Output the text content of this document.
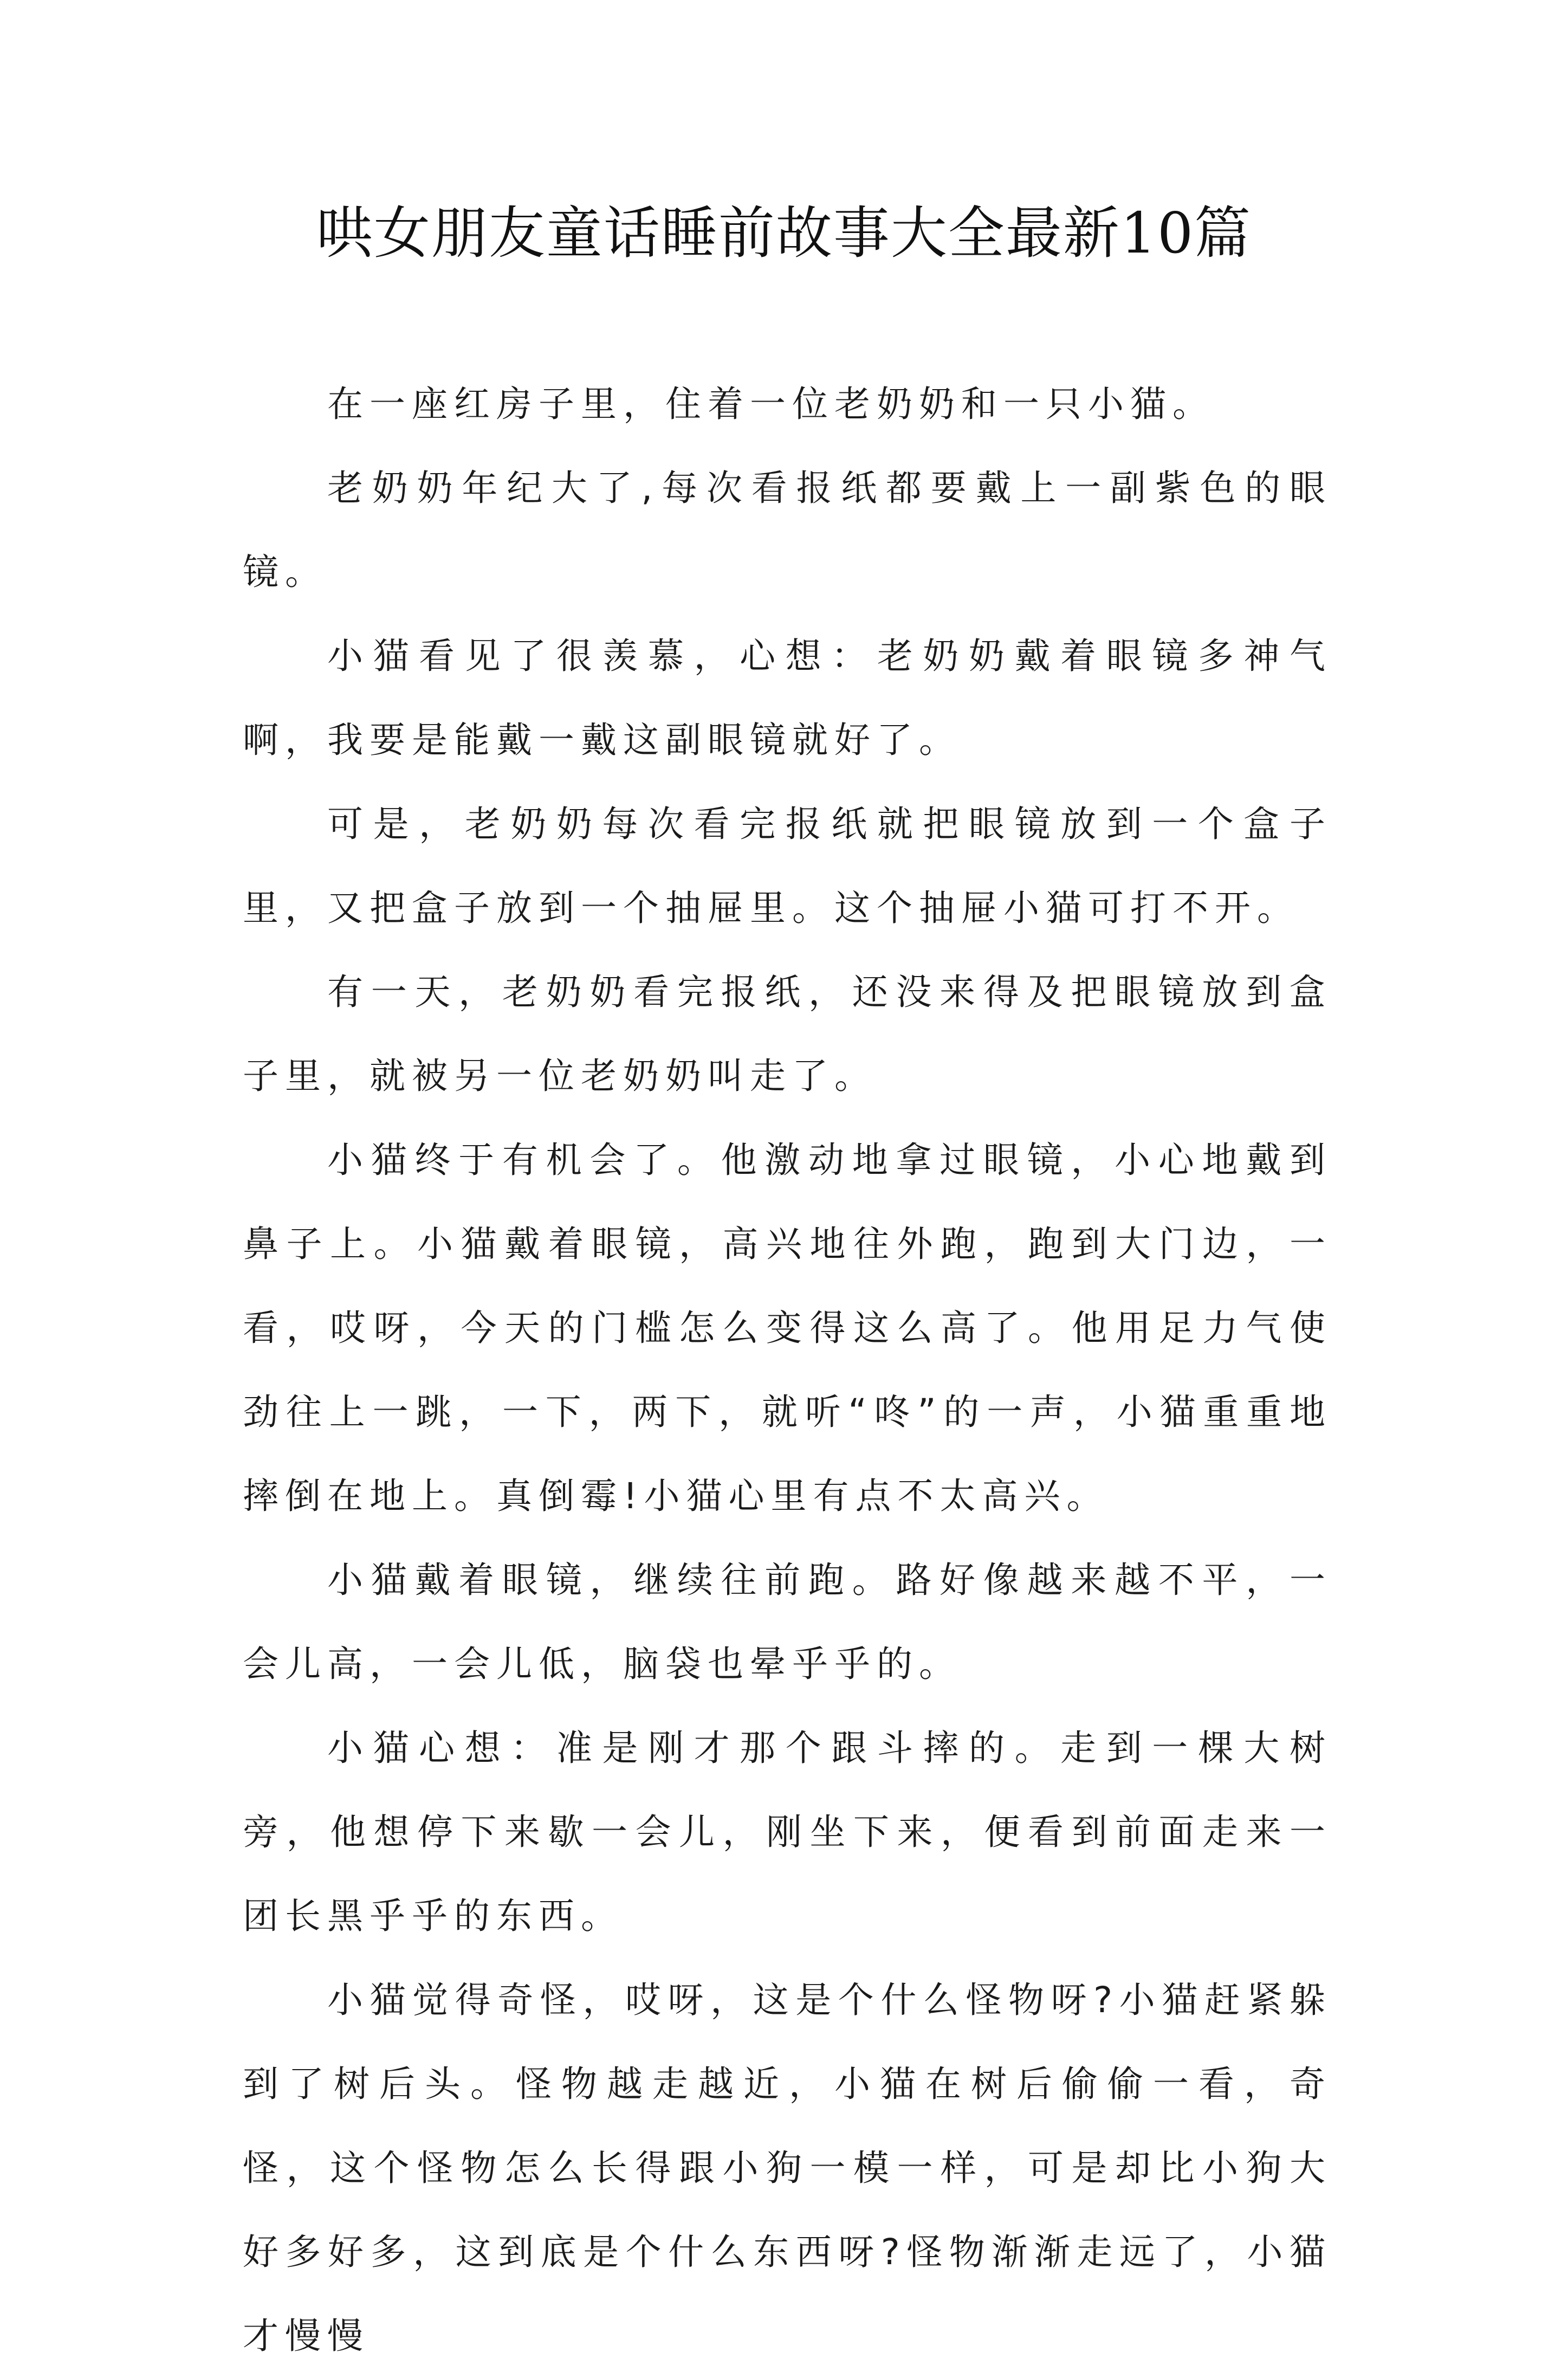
哄女朋友童话睡前故事大全最新10篇

在一座红房子里，住着一位老奶奶和一只小猫。

老奶奶年纪大了,每次看报纸都要戴上一副紫色的眼镜。

小猫看见了很羡慕，心想：老奶奶戴着眼镜多神气啊，我要是能戴一戴这副眼镜就好了。

可是，老奶奶每次看完报纸就把眼镜放到一个盒子里，又把盒子放到一个抽屉里。这个抽屉小猫可打不开。

有一天，老奶奶看完报纸，还没来得及把眼镜放到盒子里，就被另一位老奶奶叫走了。

小猫终于有机会了。他激动地拿过眼镜，小心地戴到鼻子上。小猫戴着眼镜，高兴地往外跑，跑到大门边，一看，哎呀，今天的门槛怎么变得这么高了。他用足力气使劲往上一跳，一下，两下，就听“咚”的一声，小猫重重地摔倒在地上。真倒霉!小猫心里有点不太高兴。

小猫戴着眼镜，继续往前跑。路好像越来越不平，一会儿高，一会儿低，脑袋也晕乎乎的。

小猫心想：准是刚才那个跟斗摔的。走到一棵大树旁，他想停下来歇一会儿，刚坐下来，便看到前面走来一团长黑乎乎的东西。

小猫觉得奇怪，哎呀，这是个什么怪物呀?小猫赶紧躲到了树后头。怪物越走越近，小猫在树后偷偷一看，奇怪，这个怪物怎么长得跟小狗一模一样，可是却比小狗大好多好多，这到底是个什么东西呀?怪物渐渐走远了，小猫才慢慢
